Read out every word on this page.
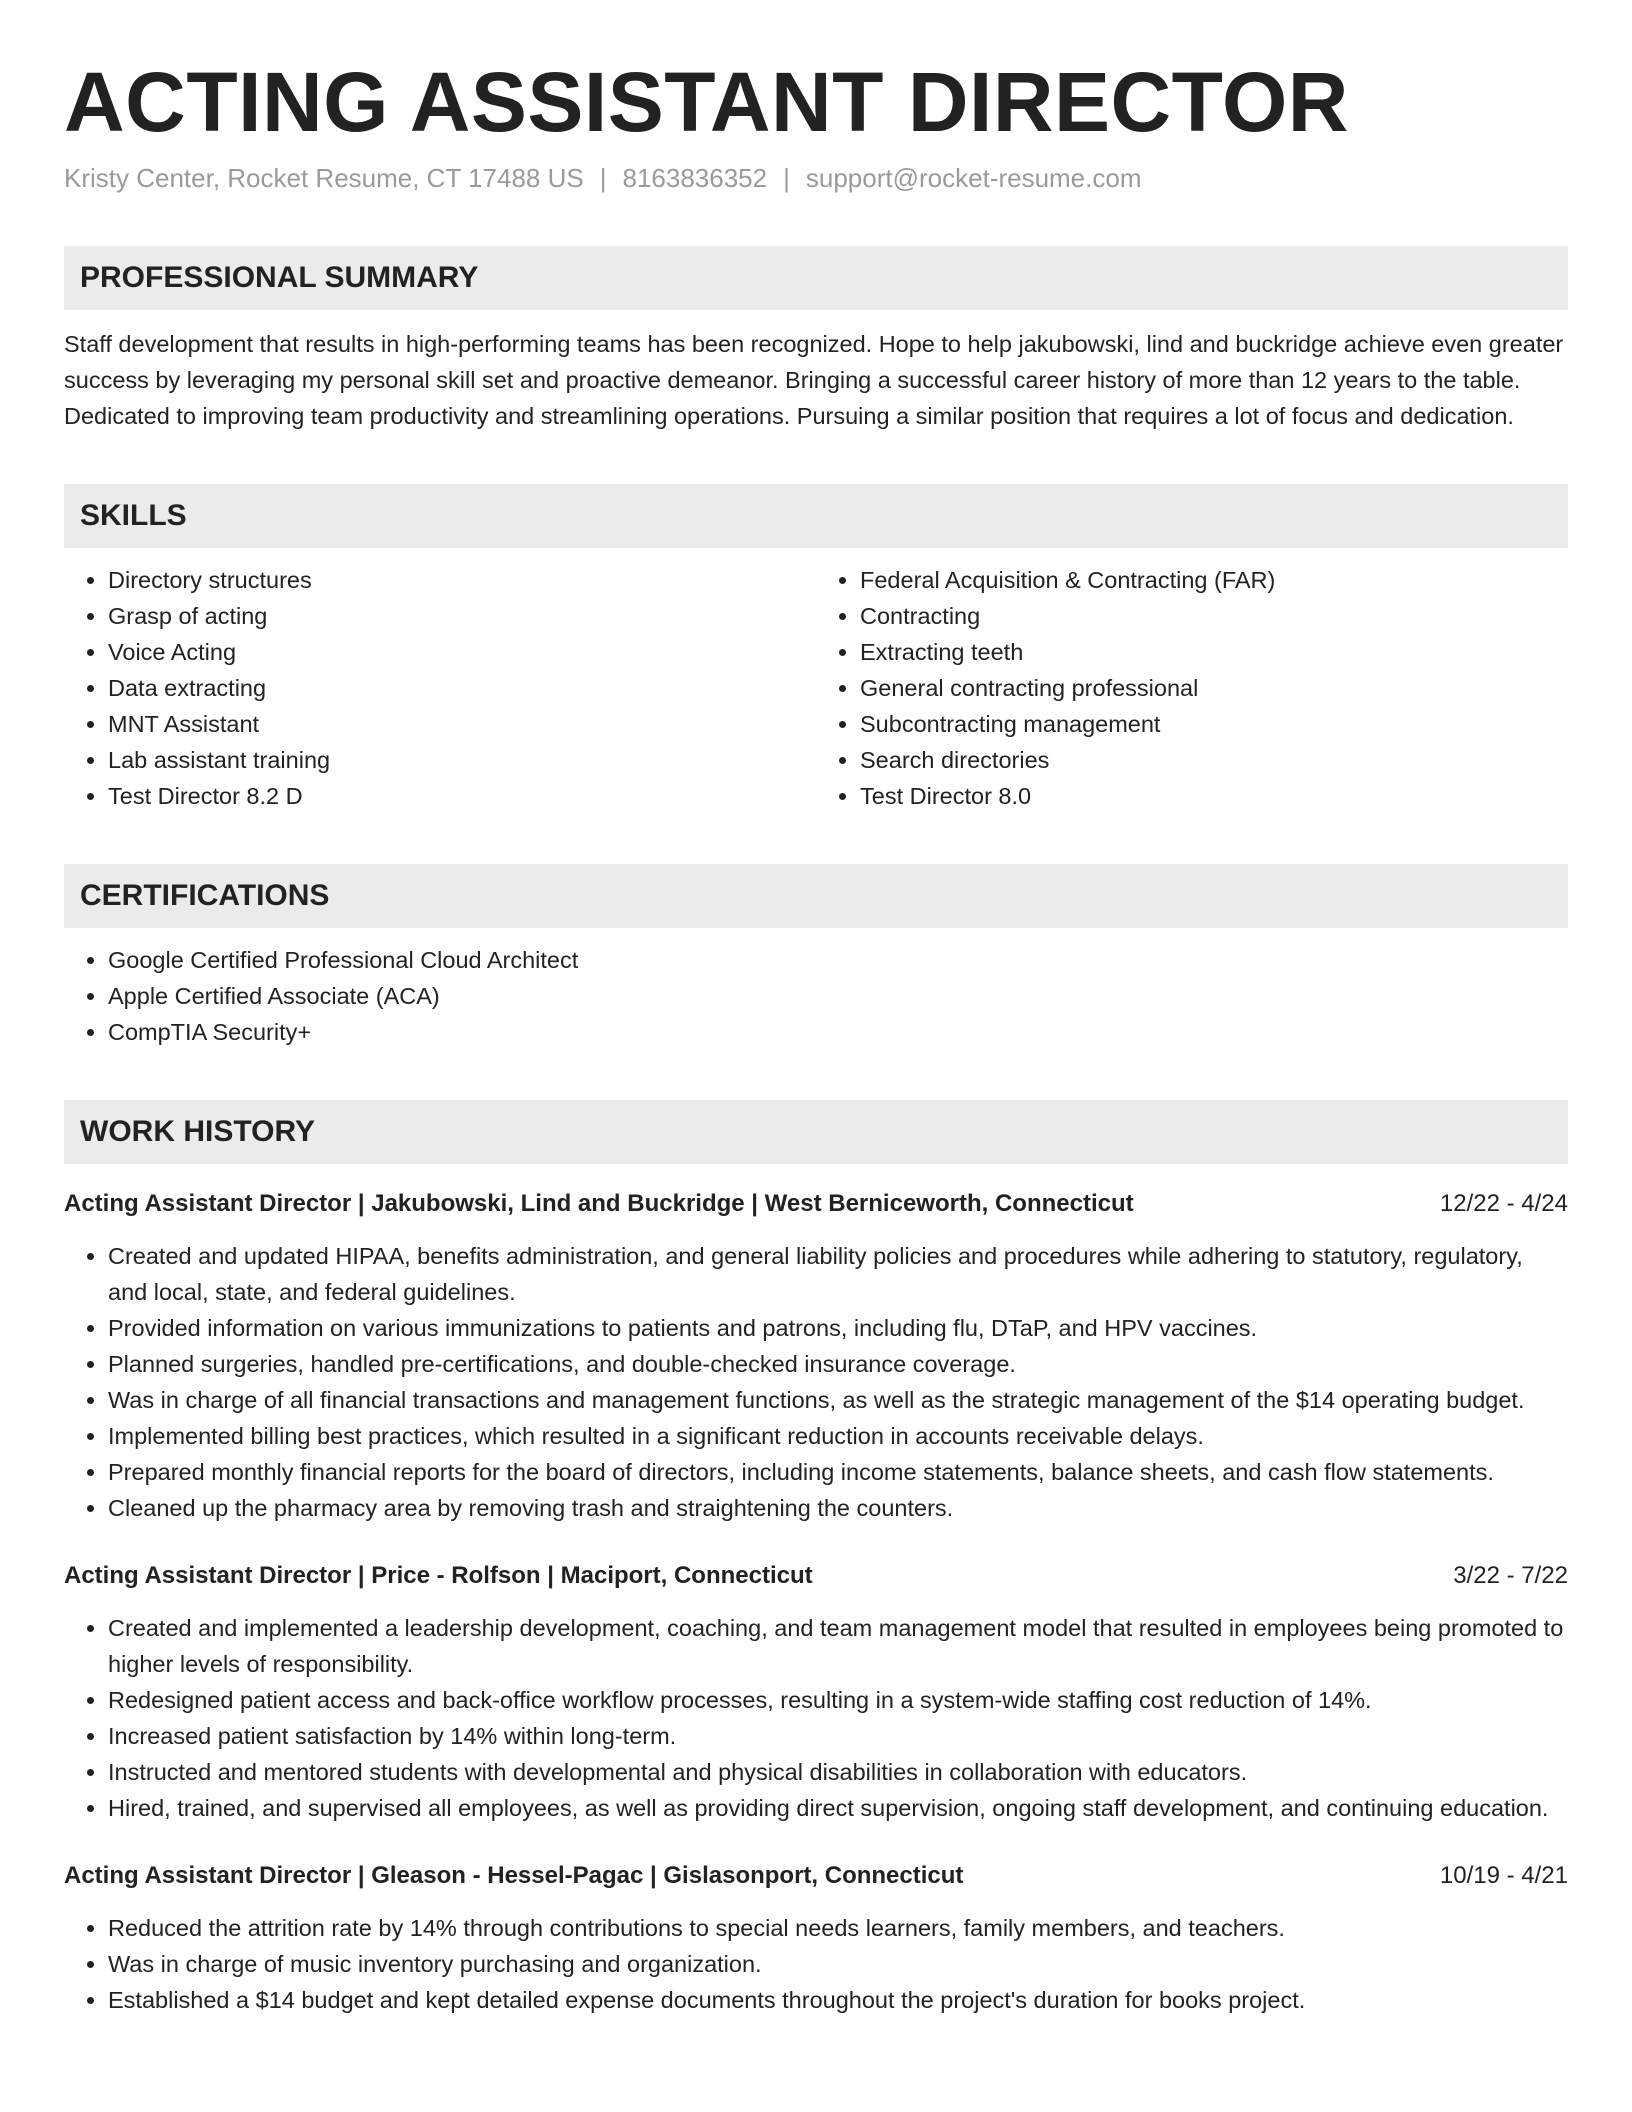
ACTING ASSISTANT DIRECTOR
Kristy Center, Rocket Resume, CT 17488 US | 8163836352 | support@rocket-resume.com
PROFESSIONAL SUMMARY
Staff development that results in high-performing teams has been recognized. Hope to help jakubowski, lind and buckridge achieve even greater success by leveraging my personal skill set and proactive demeanor. Bringing a successful career history of more than 12 years to the table. Dedicated to improving team productivity and streamlining operations. Pursuing a similar position that requires a lot of focus and dedication.
SKILLS
• Directory structures
• Grasp of acting
• Voice Acting
• Data extracting
• MNT Assistant
• Lab assistant training
• Test Director 8.2 D
• Federal Acquisition & Contracting (FAR)
• Contracting
• Extracting teeth
• General contracting professional
• Subcontracting management
• Search directories
• Test Director 8.0
CERTIFICATIONS
• Google Certified Professional Cloud Architect
• Apple Certified Associate (ACA)
• CompTIA Security+
WORK HISTORY
Acting Assistant Director | Jakubowski, Lind and Buckridge | West Berniceworth, Connecticut	12/22 - 4/24
• Created and updated HIPAA, benefits administration, and general liability policies and procedures while adhering to statutory, regulatory, and local, state, and federal guidelines.
• Provided information on various immunizations to patients and patrons, including flu, DTaP, and HPV vaccines.
• Planned surgeries, handled pre-certifications, and double-checked insurance coverage.
• Was in charge of all financial transactions and management functions, as well as the strategic management of the $14 operating budget.
• Implemented billing best practices, which resulted in a significant reduction in accounts receivable delays.
• Prepared monthly financial reports for the board of directors, including income statements, balance sheets, and cash flow statements.
• Cleaned up the pharmacy area by removing trash and straightening the counters.
Acting Assistant Director | Price - Rolfson | Maciport, Connecticut	3/22 - 7/22
• Created and implemented a leadership development, coaching, and team management model that resulted in employees being promoted to higher levels of responsibility.
• Redesigned patient access and back-office workflow processes, resulting in a system-wide staffing cost reduction of 14%.
• Increased patient satisfaction by 14% within long-term.
• Instructed and mentored students with developmental and physical disabilities in collaboration with educators.
• Hired, trained, and supervised all employees, as well as providing direct supervision, ongoing staff development, and continuing education.
Acting Assistant Director | Gleason - Hessel-Pagac | Gislasonport, Connecticut	10/19 - 4/21
• Reduced the attrition rate by 14% through contributions to special needs learners, family members, and teachers.
• Was in charge of music inventory purchasing and organization.
• Established a $14 budget and kept detailed expense documents throughout the project's duration for books project.
